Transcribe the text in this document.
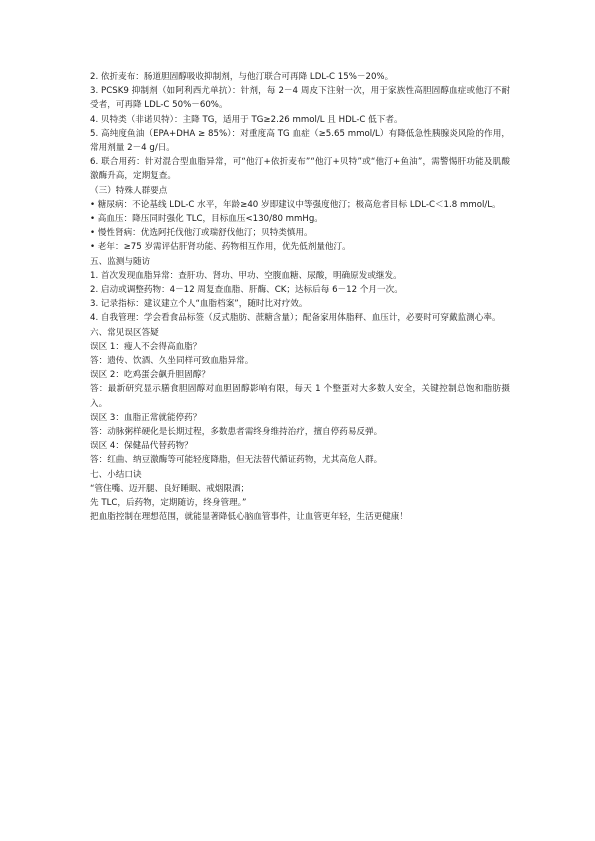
2. 依折麦布：肠道胆固醇吸收抑制剂，与他汀联合可再降 LDL-C 15%－20%。

3. PCSK9 抑制剂（如阿利西尤单抗）：针剂，每 2－4 周皮下注射一次，用于家族性高胆固醇血症或他汀不耐受者，可再降 LDL-C 50%－60%。

4. 贝特类（非诺贝特）：主降 TG，适用于 TG≥2.26 mmol/L 且 HDL-C 低下者。

5. 高纯度鱼油（EPA+DHA ≥ 85%）：对重度高 TG 血症（≥5.65 mmol/L）有降低急性胰腺炎风险的作用，常用剂量 2－4 g/日。

6. 联合用药：针对混合型血脂异常，可“他汀+依折麦布”“他汀+贝特”或“他汀+鱼油”，需警惕肝功能及肌酸激酶升高，定期复查。

（三）特殊人群要点

• 糖尿病：不论基线 LDL-C 水平，年龄≥40 岁即建议中等强度他汀；极高危者目标 LDL-C＜1.8 mmol/L。

• 高血压：降压同时强化 TLC，目标血压<130/80 mmHg。

• 慢性肾病：优选阿托伐他汀或瑞舒伐他汀；贝特类慎用。

• 老年：≥75 岁需评估肝肾功能、药物相互作用，优先低剂量他汀。

五、监测与随访

1. 首次发现血脂异常：查肝功、肾功、甲功、空腹血糖、尿酸，明确原发或继发。

2. 启动或调整药物：4－12 周复查血脂、肝酶、CK；达标后每 6－12 个月一次。

3. 记录指标：建议建立个人“血脂档案”，随时比对疗效。

4. 自我管理：学会看食品标签（反式脂肪、蔗糖含量）；配备家用体脂秤、血压计，必要时可穿戴监测心率。

六、常见误区答疑

误区 1：瘦人不会得高血脂？

答：遗传、饮酒、久坐同样可致血脂异常。

误区 2：吃鸡蛋会飙升胆固醇？

答：最新研究显示膳食胆固醇对血胆固醇影响有限，每天 1 个整蛋对大多数人安全，关键控制总饱和脂肪摄入。

误区 3：血脂正常就能停药？

答：动脉粥样硬化是长期过程，多数患者需终身维持治疗，擅自停药易反弹。

误区 4：保健品代替药物？

答：红曲、纳豆激酶等可能轻度降脂，但无法替代循证药物，尤其高危人群。

七、小结口诀

“管住嘴、迈开腿、良好睡眠、戒烟限酒；

先 TLC，后药物，定期随访，终身管理。”

把血脂控制在理想范围，就能显著降低心脑血管事件，让血管更年轻，生活更健康！
